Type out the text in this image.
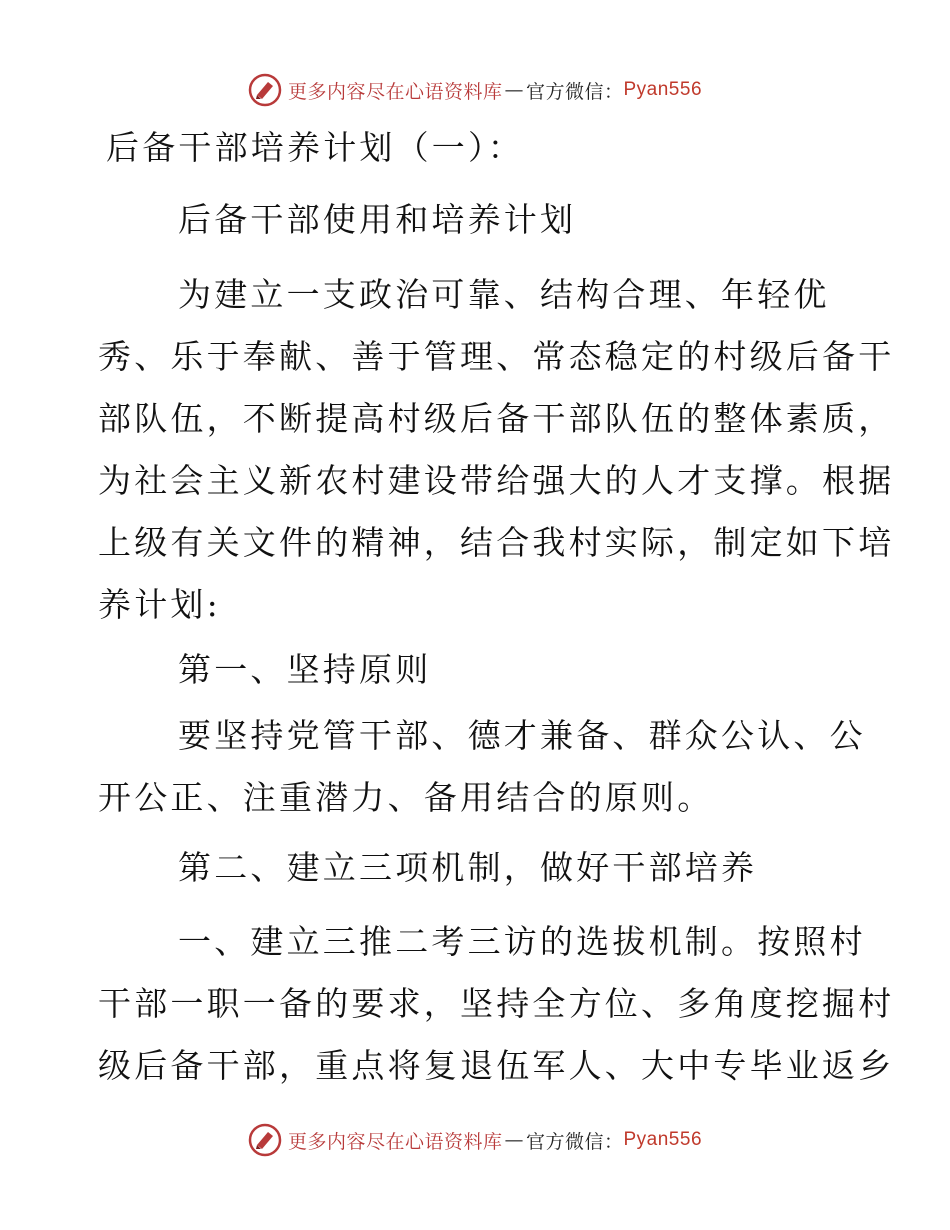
更多内容尽在心语资料库 — 官方微信： Pyan556
后备干部培养计划（一）：
后备干部使用和培养计划
为建立一支政治可靠、结构合理、年轻优
秀、乐于奉献、善于管理、常态稳定的村级后备干
部队伍，不断提高村级后备干部队伍的整体素质，
为社会主义新农村建设带给强大的人才支撑。根据
上级有关文件的精神，结合我村实际，制定如下培
养计划:
第一、坚持原则
要坚持党管干部、德才兼备、群众公认、公
开公正、注重潜力、备用结合的原则。
第二、建立三项机制，做好干部培养
一、建立三推二考三访的选拔机制。按照村
干部一职一备的要求，坚持全方位、多角度挖掘村
级后备干部，重点将复退伍军人、大中专毕业返乡
更多内容尽在心语资料库 — 官方微信： Pyan556
